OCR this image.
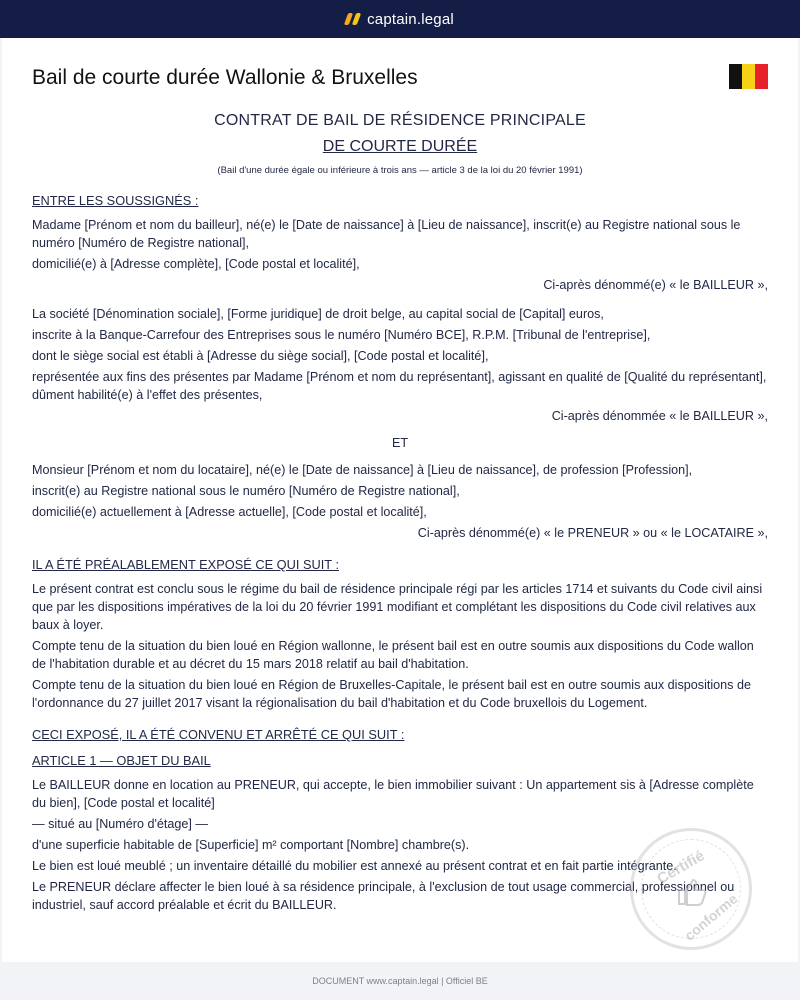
captain.legal
Bail de courte durée Wallonie & Bruxelles
CONTRAT DE BAIL DE RÉSIDENCE PRINCIPALE
DE COURTE DURÉE
(Bail d'une durée égale ou inférieure à trois ans — article 3 de la loi du 20 février 1991)
ENTRE LES SOUSSIGNÉS :
Madame [Prénom et nom du bailleur], né(e) le [Date de naissance] à [Lieu de naissance], inscrit(e) au Registre national sous le numéro [Numéro de Registre national],
domicilié(e) à [Adresse complète], [Code postal et localité],
Ci-après dénommé(e) « le BAILLEUR »,
La société [Dénomination sociale], [Forme juridique] de droit belge, au capital social de [Capital] euros,
inscrite à la Banque-Carrefour des Entreprises sous le numéro [Numéro BCE], R.P.M. [Tribunal de l'entreprise],
dont le siège social est établi à [Adresse du siège social], [Code postal et localité],
représentée aux fins des présentes par Madame [Prénom et nom du représentant], agissant en qualité de [Qualité du représentant], dûment habilité(e) à l'effet des présentes,
Ci-après dénommée « le BAILLEUR »,
ET
Monsieur [Prénom et nom du locataire], né(e) le [Date de naissance] à [Lieu de naissance], de profession [Profession],
inscrit(e) au Registre national sous le numéro [Numéro de Registre national],
domicilié(e) actuellement à [Adresse actuelle], [Code postal et localité],
Ci-après dénommé(e) « le PRENEUR » ou « le LOCATAIRE »,
IL A ÉTÉ PRÉALABLEMENT EXPOSÉ CE QUI SUIT :
Le présent contrat est conclu sous le régime du bail de résidence principale régi par les articles 1714 et suivants du Code civil ainsi que par les dispositions impératives de la loi du 20 février 1991 modifiant et complétant les dispositions du Code civil relatives aux baux à loyer.
Compte tenu de la situation du bien loué en Région wallonne, le présent bail est en outre soumis aux dispositions du Code wallon de l'habitation durable et au décret du 15 mars 2018 relatif au bail d'habitation.
Compte tenu de la situation du bien loué en Région de Bruxelles-Capitale, le présent bail est en outre soumis aux dispositions de l'ordonnance du 27 juillet 2017 visant la régionalisation du bail d'habitation et du Code bruxellois du Logement.
CECI EXPOSÉ, IL A ÉTÉ CONVENU ET ARRÊTÉ CE QUI SUIT :
ARTICLE 1 — OBJET DU BAIL
Le BAILLEUR donne en location au PRENEUR, qui accepte, le bien immobilier suivant : Un appartement sis à [Adresse complète du bien], [Code postal et localité]
— situé au [Numéro d'étage] —
d'une superficie habitable de [Superficie] m² comportant [Nombre] chambre(s).
Le bien est loué meublé ; un inventaire détaillé du mobilier est annexé au présent contrat et en fait partie intégrante.
Le PRENEUR déclare affecter le bien loué à sa résidence principale, à l'exclusion de tout usage commercial, professionnel ou industriel, sauf accord préalable et écrit du BAILLEUR.
Certifié
conforme
DOCUMENT www.captain.legal | Officiel BE
